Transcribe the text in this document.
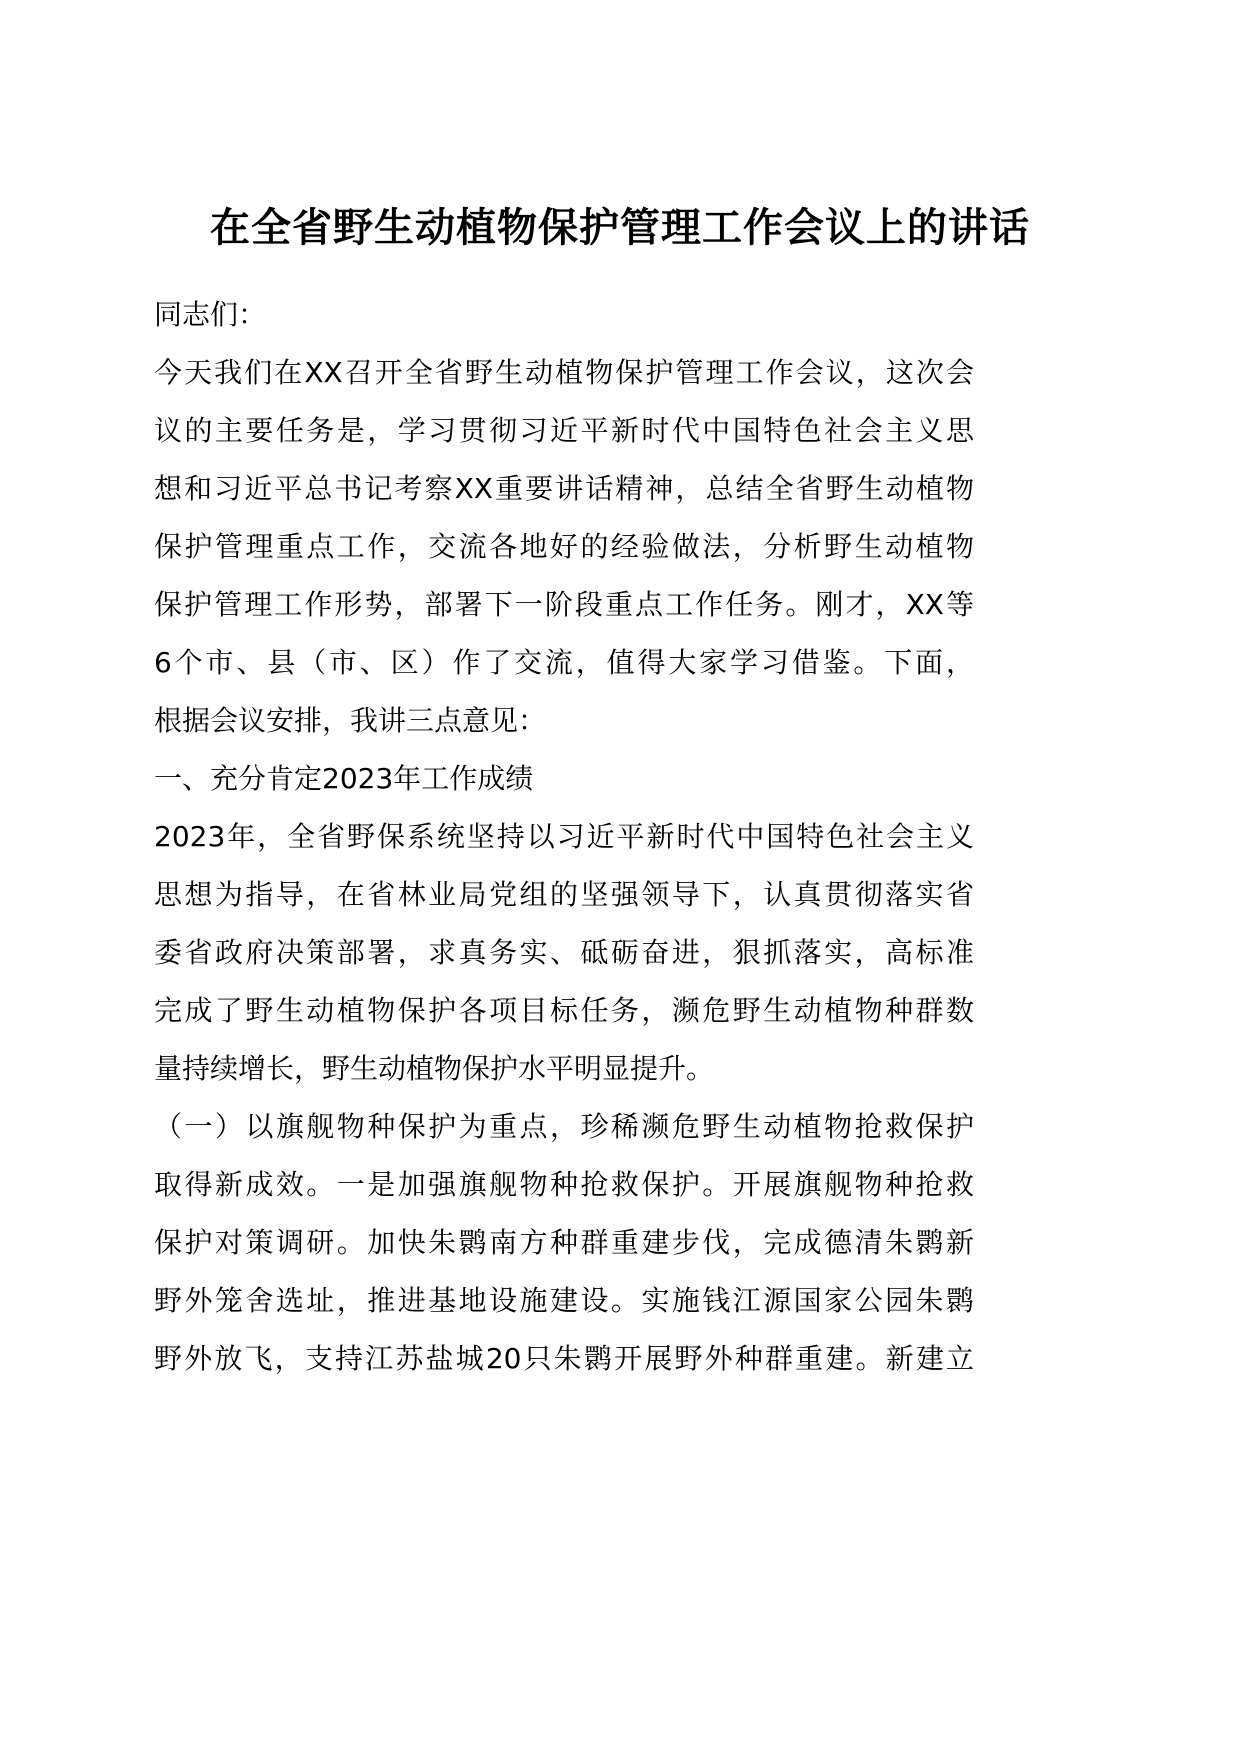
在全省野生动植物保护管理工作会议上的讲话
同志们：
今天我们在XX召开全省野生动植物保护管理工作会议，这次会
议的主要任务是，学习贯彻习近平新时代中国特色社会主义思
想和习近平总书记考察XX重要讲话精神，总结全省野生动植物
保护管理重点工作，交流各地好的经验做法，分析野生动植物
保护管理工作形势，部署下一阶段重点工作任务。刚才，XX等
6个市、县（市、区）作了交流，值得大家学习借鉴。下面，
根据会议安排，我讲三点意见：
一、充分肯定2023年工作成绩
2023年，全省野保系统坚持以习近平新时代中国特色社会主义
思想为指导，在省林业局党组的坚强领导下，认真贯彻落实省
委省政府决策部署，求真务实、砥砺奋进，狠抓落实，高标准
完成了野生动植物保护各项目标任务，濒危野生动植物种群数
量持续增长，野生动植物保护水平明显提升。
（一）以旗舰物种保护为重点，珍稀濒危野生动植物抢救保护
取得新成效。一是加强旗舰物种抢救保护。开展旗舰物种抢救
保护对策调研。加快朱鹮南方种群重建步伐，完成德清朱鹮新
野外笼舍选址，推进基地设施建设。实施钱江源国家公园朱鹮
野外放飞，支持江苏盐城20只朱鹮开展野外种群重建。新建立
